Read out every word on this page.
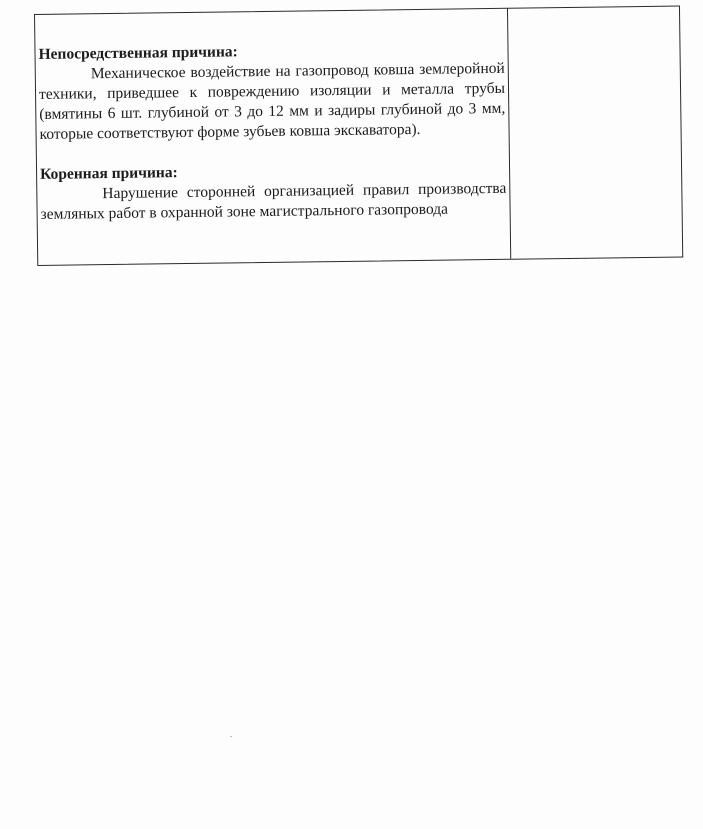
Непосредственная причина:

Механическое воздействие на газопровод ковша землеройной техники, приведшее к повреждению изоляции и металла трубы (вмятины 6 шт. глубиной от 3 до 12 мм и задиры глубиной до 3 мм, которые соответствуют форме зубьев ковша экскаватора).

Коренная причина:

Нарушение сторонней организацией правил производства земляных работ в охранной зоне магистрального газопровода
